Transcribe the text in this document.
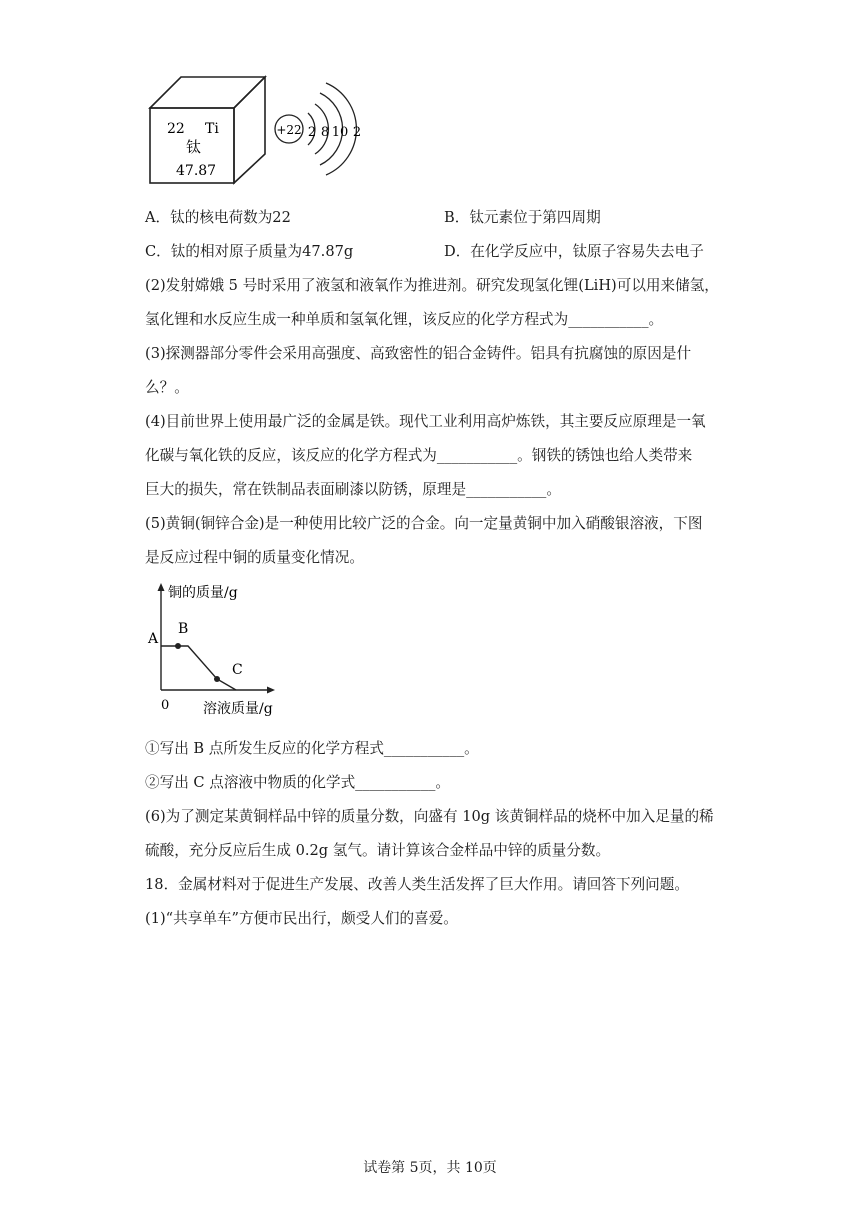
22 Ti
钛
47.87
+22 2 8 10 2
A．钛的核电荷数为22	B．钛元素位于第四周期
C．钛的相对原子质量为47.87g	D．在化学反应中，钛原子容易失去电子
(2)发射嫦娥 5 号时采用了液氢和液氧作为推进剂。研究发现氢化锂(LiH)可以用来储氢，
氢化锂和水反应生成一种单质和氢氧化锂，该反应的化学方程式为___________。
(3)探测器部分零件会采用高强度、高致密性的铝合金铸件。铝具有抗腐蚀的原因是什
么？。
(4)目前世界上使用最广泛的金属是铁。现代工业利用高炉炼铁，其主要反应原理是一氧
化碳与氧化铁的反应，该反应的化学方程式为___________。钢铁的锈蚀也给人类带来
巨大的损失，常在铁制品表面刷漆以防锈，原理是___________。
(5)黄铜(铜锌合金)是一种使用比较广泛的合金。向一定量黄铜中加入硝酸银溶液，下图
是反应过程中铜的质量变化情况。
铜的质量/g
溶液质量/g
0
A
B
C
①写出 B 点所发生反应的化学方程式___________。
②写出 C 点溶液中物质的化学式___________。
(6)为了测定某黄铜样品中锌的质量分数，向盛有 10g 该黄铜样品的烧杯中加入足量的稀
硫酸，充分反应后生成 0.2g 氢气。请计算该合金样品中锌的质量分数。
18．金属材料对于促进生产发展、改善人类生活发挥了巨大作用。请回答下列问题。
(1)“共享单车”方便市民出行，颇受人们的喜爱。
试卷第 5页，共 10页
